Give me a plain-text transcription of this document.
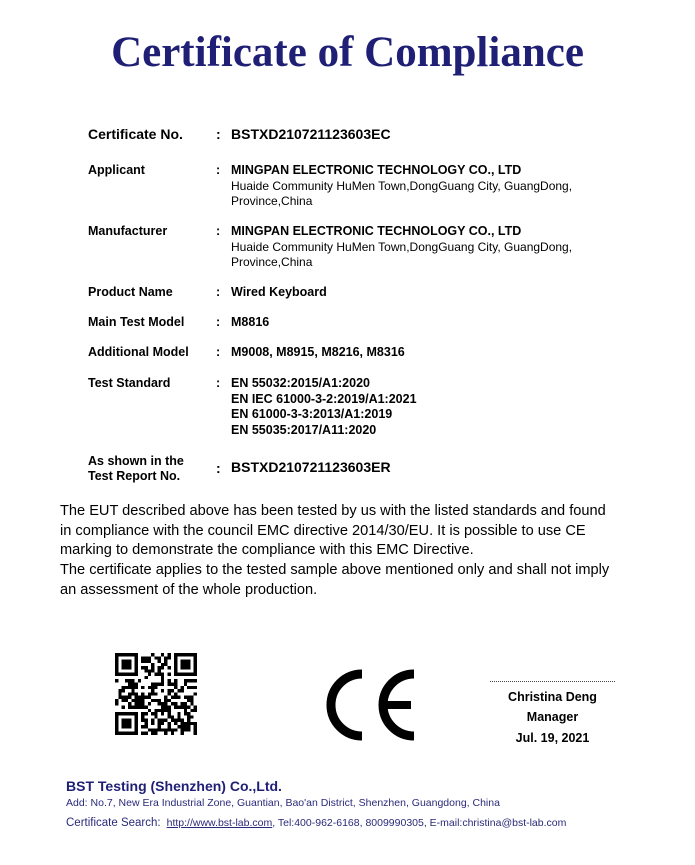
Certificate of Compliance
Certificate No.	: BSTXD210721123603EC
Applicant	: MINGPAN ELECTRONIC TECHNOLOGY CO., LTD
Huaide Community HuMen Town,DongGuang City, GuangDong,
Province,China
Manufacturer	: MINGPAN ELECTRONIC TECHNOLOGY CO., LTD
Huaide Community HuMen Town,DongGuang City, GuangDong,
Province,China
Product Name	: Wired Keyboard
Main Test Model	: M8816
Additional Model	: M9008, M8915, M8216, M8316
Test Standard	: EN 55032:2015/A1:2020
EN IEC 61000-3-2:2019/A1:2021
EN 61000-3-3:2013/A1:2019
EN 55035:2017/A11:2020
As shown in the
Test Report No.	: BSTXD210721123603ER
The EUT described above has been tested by us with the listed standards and found
in compliance with the council EMC directive 2014/30/EU. It is possible to use CE
marking to demonstrate the compliance with this EMC Directive.
The certificate applies to the tested sample above mentioned only and shall not imply
an assessment of the whole production.
Christina Deng
Manager
Jul. 19, 2021
BST Testing (Shenzhen) Co.,Ltd.
Add: No.7, New Era Industrial Zone, Guantian, Bao'an District, Shenzhen, Guangdong, China
Certificate Search: http://www.bst-lab.com, Tel:400-962-6168, 8009990305, E-mail:christina@bst-lab.com
